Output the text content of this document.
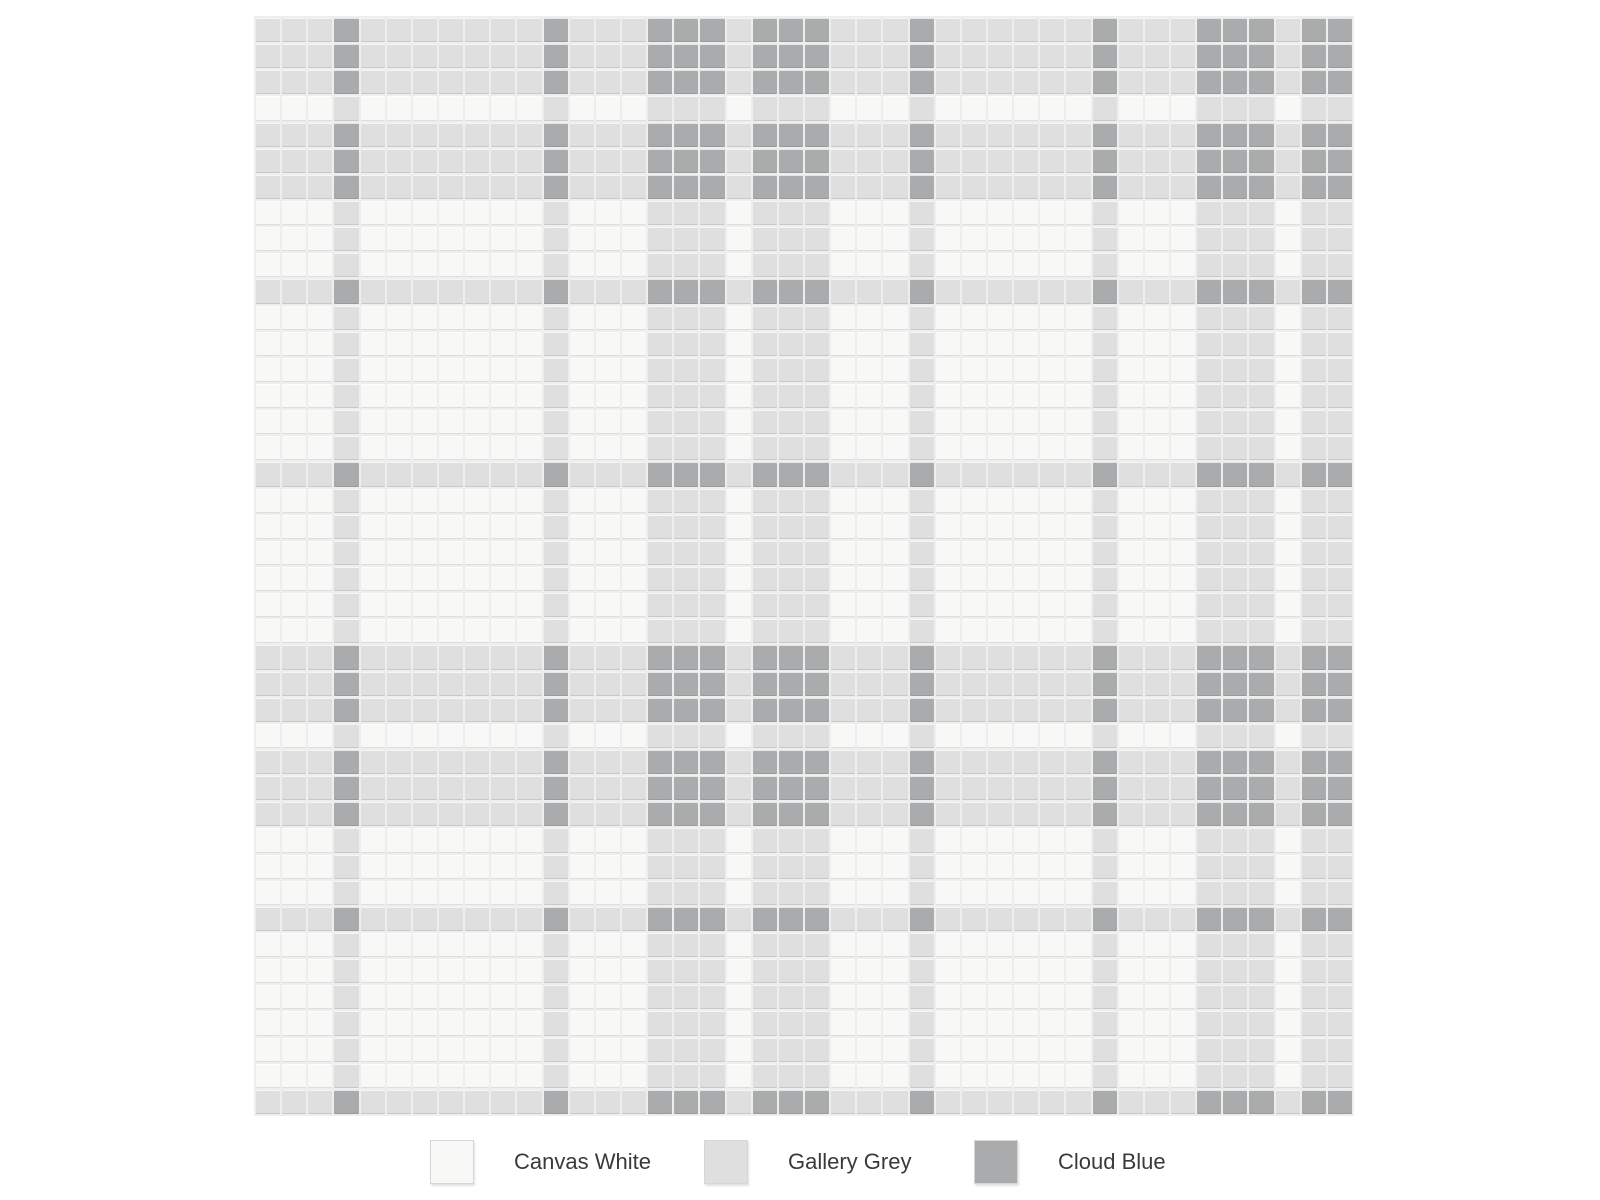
Canvas White	Gallery Grey	Cloud Blue
